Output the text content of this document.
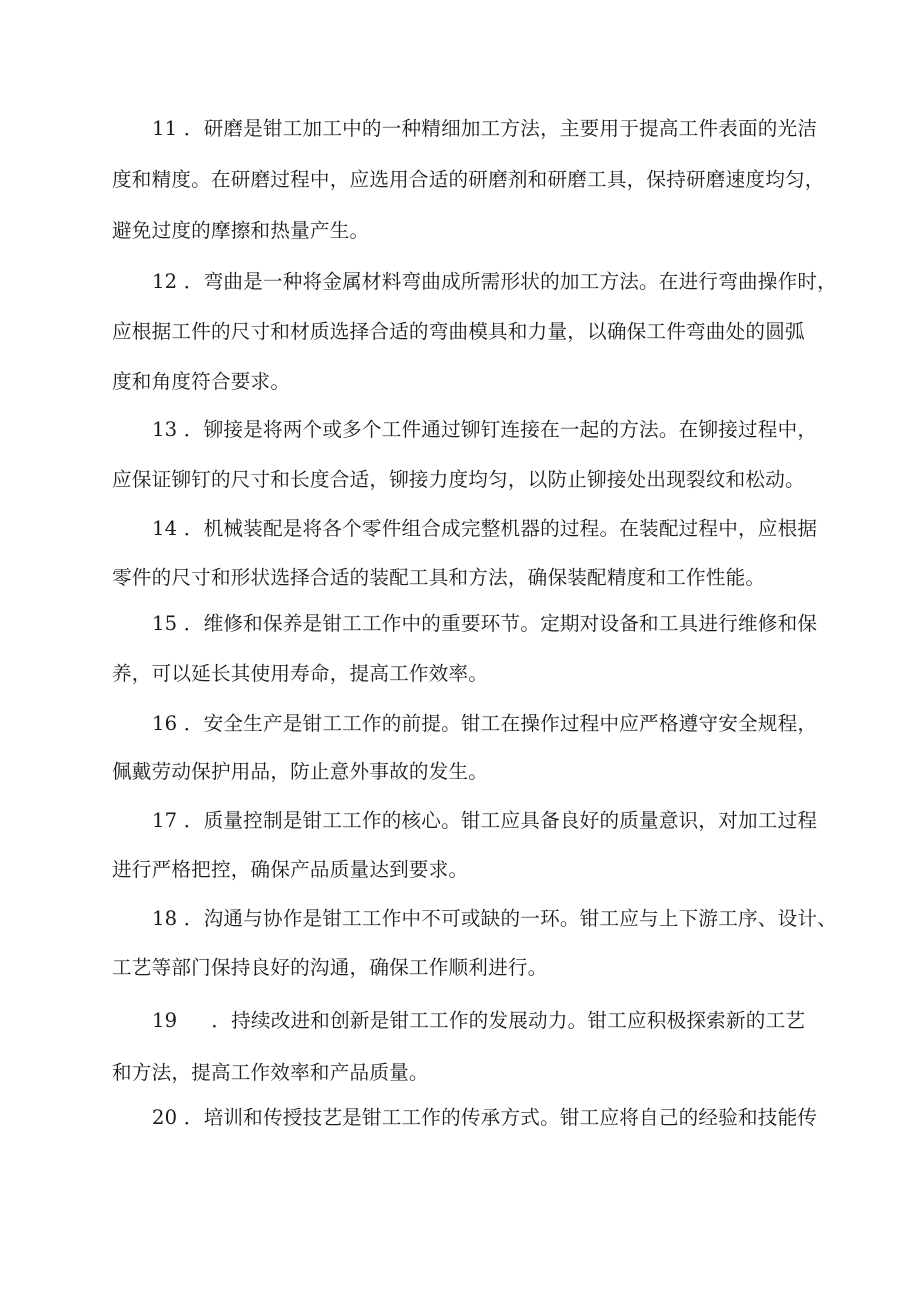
11 ．研磨是钳工加工中的一种精细加工方法，主要用于提高工件表面的光洁
度和精度。在研磨过程中，应选用合适的研磨剂和研磨工具，保持研磨速度均匀，
避免过度的摩擦和热量产生。
12 ．弯曲是一种将金属材料弯曲成所需形状的加工方法。在进行弯曲操作时，
应根据工件的尺寸和材质选择合适的弯曲模具和力量，以确保工件弯曲处的圆弧
度和角度符合要求。
13 ．铆接是将两个或多个工件通过铆钉连接在一起的方法。在铆接过程中，
应保证铆钉的尺寸和长度合适，铆接力度均匀，以防止铆接处出现裂纹和松动。
14 ．机械装配是将各个零件组合成完整机器的过程。在装配过程中，应根据
零件的尺寸和形状选择合适的装配工具和方法，确保装配精度和工作性能。
15 ．维修和保养是钳工工作中的重要环节。定期对设备和工具进行维修和保
养，可以延长其使用寿命，提高工作效率。
16 ．安全生产是钳工工作的前提。钳工在操作过程中应严格遵守安全规程，
佩戴劳动保护用品，防止意外事故的发生。
17 ．质量控制是钳工工作的核心。钳工应具备良好的质量意识，对加工过程
进行严格把控，确保产品质量达到要求。
18 ．沟通与协作是钳工工作中不可或缺的一环。钳工应与上下游工序、设计、
工艺等部门保持良好的沟通，确保工作顺利进行。
19 ．持续改进和创新是钳工工作的发展动力。钳工应积极探索新的工艺
和方法，提高工作效率和产品质量。
20 ．培训和传授技艺是钳工工作的传承方式。钳工应将自己的经验和技能传
